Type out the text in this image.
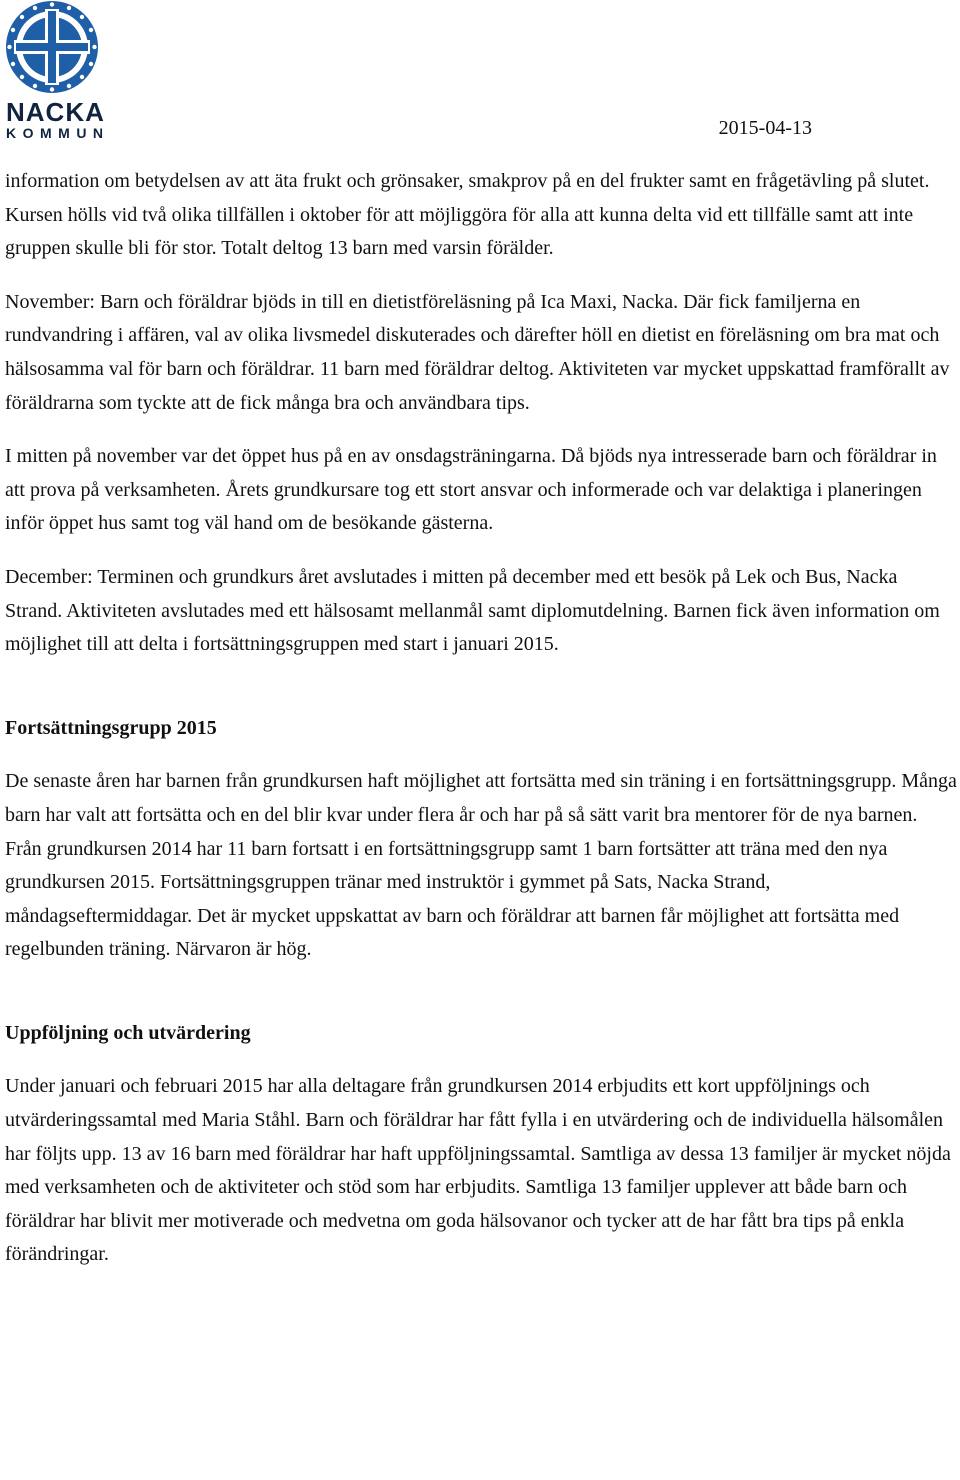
NACKA
KOMMUN	2015-04-13

information om betydelsen av att äta frukt och grönsaker, smakprov på en del frukter samt en frågetävling på slutet. Kursen hölls vid två olika tillfällen i oktober för att möjliggöra för alla att kunna delta vid ett tillfälle samt att inte gruppen skulle bli för stor. Totalt deltog 13 barn med varsin förälder.

November: Barn och föräldrar bjöds in till en dietistföreläsning på Ica Maxi, Nacka. Där fick familjerna en rundvandring i affären, val av olika livsmedel diskuterades och därefter höll en dietist en föreläsning om bra mat och hälsosamma val för barn och föräldrar. 11 barn med föräldrar deltog. Aktiviteten var mycket uppskattad framförallt av föräldrarna som tyckte att de fick många bra och användbara tips.

I mitten på november var det öppet hus på en av onsdagsträningarna. Då bjöds nya intresserade barn och föräldrar in att prova på verksamheten. Årets grundkursare tog ett stort ansvar och informerade och var delaktiga i planeringen inför öppet hus samt tog väl hand om de besökande gästerna.

December: Terminen och grundkurs året avslutades i mitten på december med ett besök på Lek och Bus, Nacka Strand. Aktiviteten avslutades med ett hälsosamt mellanmål samt diplomutdelning. Barnen fick även information om möjlighet till att delta i fortsättningsgruppen med start i januari 2015.

Fortsättningsgrupp 2015

De senaste åren har barnen från grundkursen haft möjlighet att fortsätta med sin träning i en fortsättningsgrupp. Många barn har valt att fortsätta och en del blir kvar under flera år och har på så sätt varit bra mentorer för de nya barnen. Från grundkursen 2014 har 11 barn fortsatt i en fortsättningsgrupp samt 1 barn fortsätter att träna med den nya grundkursen 2015. Fortsättningsgruppen tränar med instruktör i gymmet på Sats, Nacka Strand, måndagseftermiddagar. Det är mycket uppskattat av barn och föräldrar att barnen får möjlighet att fortsätta med regelbunden träning. Närvaron är hög.

Uppföljning och utvärdering

Under januari och februari 2015 har alla deltagare från grundkursen 2014 erbjudits ett kort uppföljnings och utvärderingssamtal med Maria Ståhl. Barn och föräldrar har fått fylla i en utvärdering och de individuella hälsomålen har följts upp. 13 av 16 barn med föräldrar har haft uppföljningssamtal. Samtliga av dessa 13 familjer är mycket nöjda med verksamheten och de aktiviteter och stöd som har erbjudits. Samtliga 13 familjer upplever att både barn och föräldrar har blivit mer motiverade och medvetna om goda hälsovanor och tycker att de har fått bra tips på enkla förändringar.
